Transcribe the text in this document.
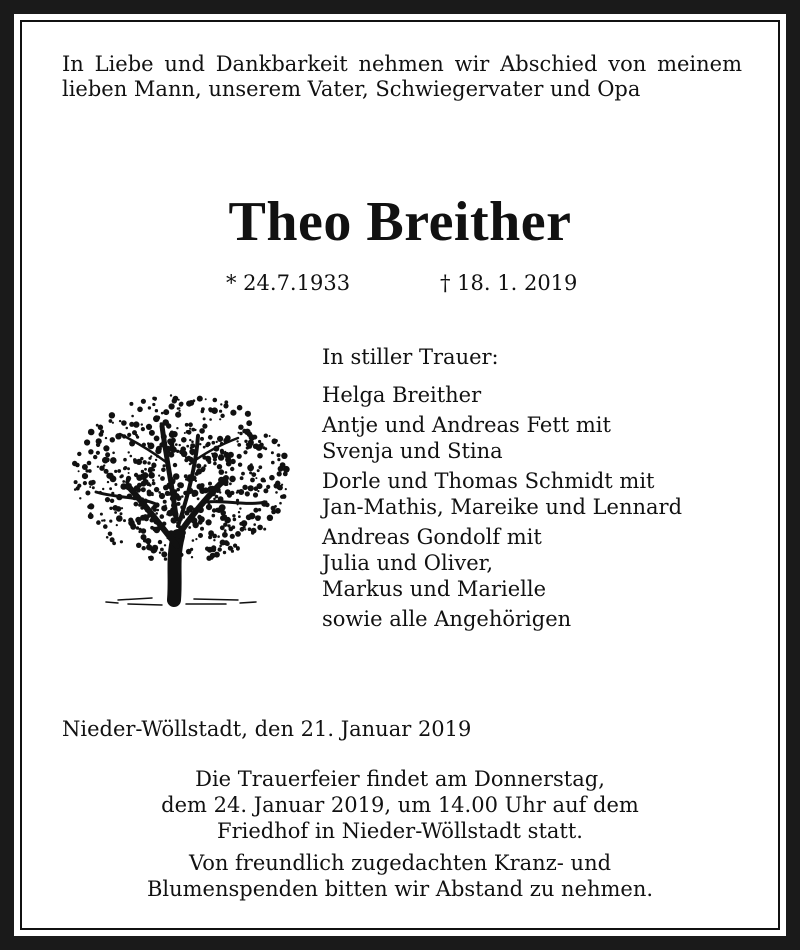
In Liebe und Dankbarkeit nehmen wir Abschied von meinem lieben Mann, unserem Vater, Schwiegervater und Opa
Theo Breither
* 24.7.1933	† 18. 1. 2019
In stiller Trauer:
Helga Breither
Antje und Andreas Fett mit
Svenja und Stina
Dorle und Thomas Schmidt mit
Jan-Mathis, Mareike und Lennard
Andreas Gondolf mit
Julia und Oliver,
Markus und Marielle
sowie alle Angehörigen
Nieder-Wöllstadt, den 21. Januar 2019
Die Trauerfeier findet am Donnerstag,
dem 24. Januar 2019, um 14.00 Uhr auf dem
Friedhof in Nieder-Wöllstadt statt.
Von freundlich zugedachten Kranz- und
Blumenspenden bitten wir Abstand zu nehmen.
